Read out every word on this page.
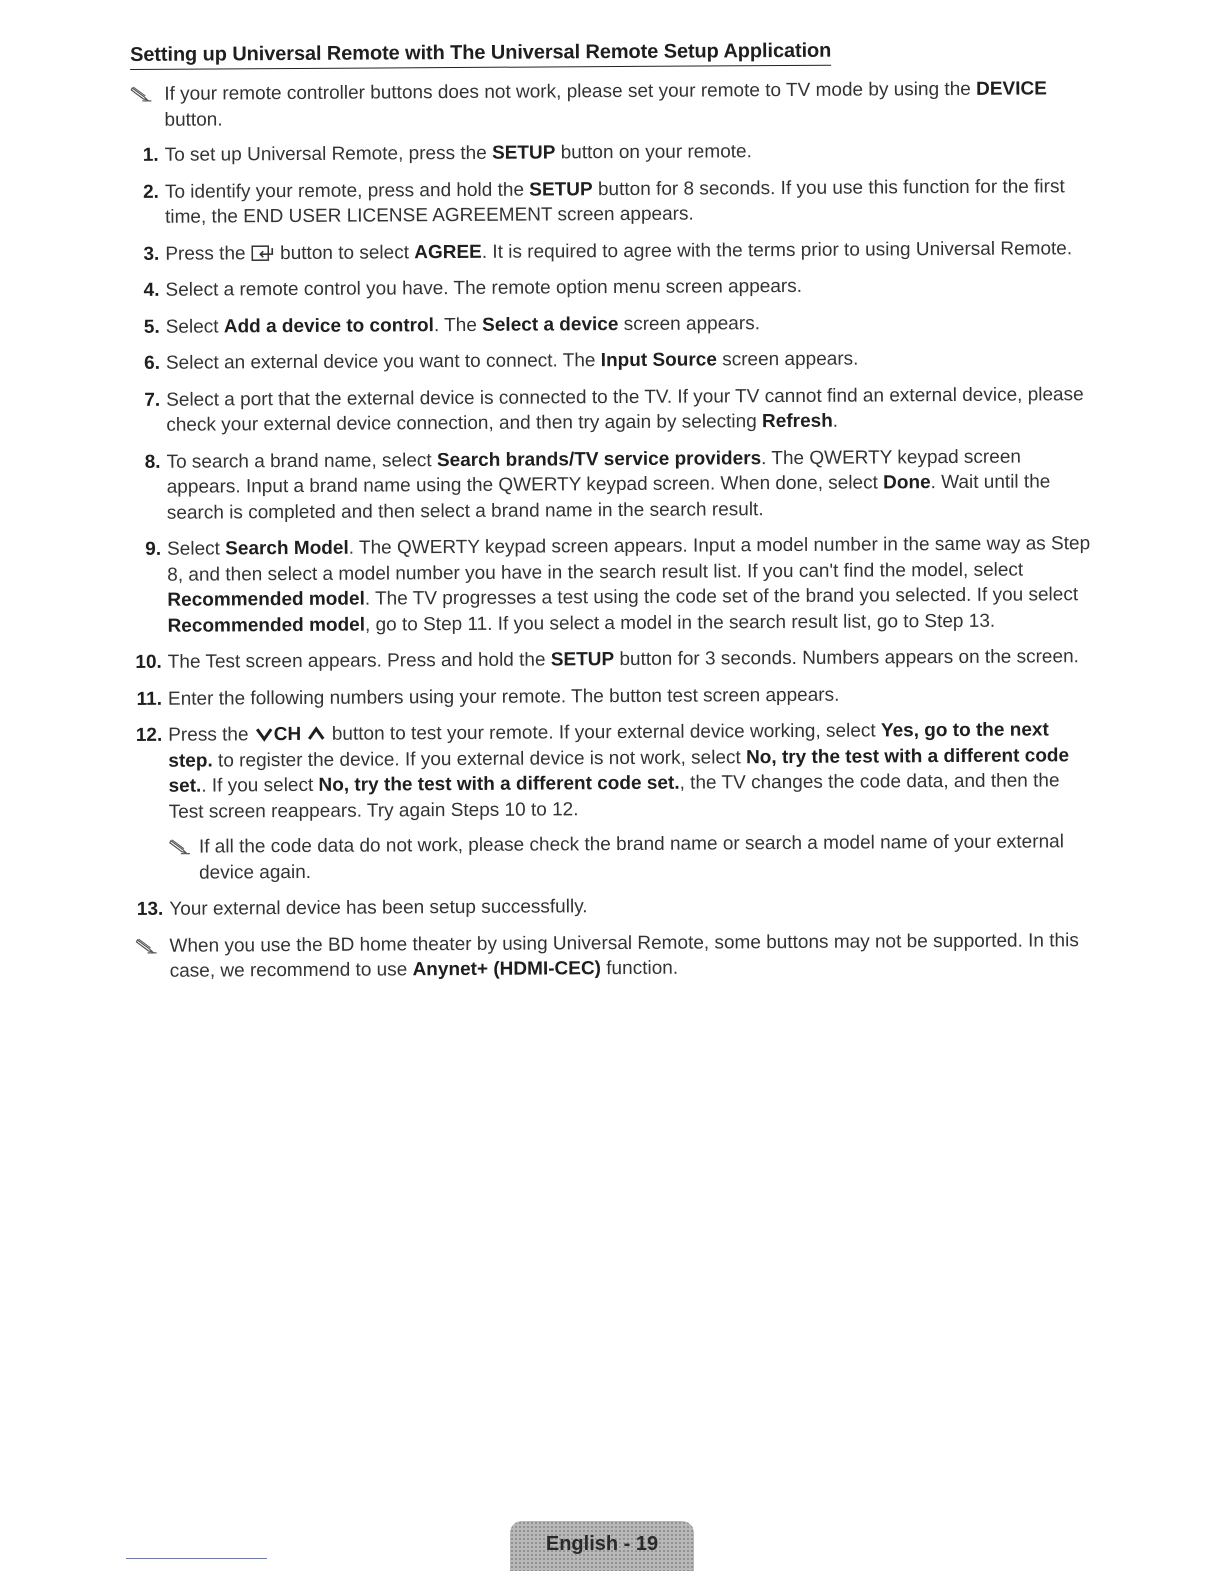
Setting up Universal Remote with The Universal Remote Setup Application
If your remote controller buttons does not work, please set your remote to TV mode by using the DEVICE button.
1. To set up Universal Remote, press the SETUP button on your remote.
2. To identify your remote, press and hold the SETUP button for 8 seconds. If you use this function for the first time, the END USER LICENSE AGREEMENT screen appears.
3. Press the  button to select AGREE. It is required to agree with the terms prior to using Universal Remote.
4. Select a remote control you have. The remote option menu screen appears.
5. Select Add a device to control. The Select a device screen appears.
6. Select an external device you want to connect. The Input Source screen appears.
7. Select a port that the external device is connected to the TV. If your TV cannot find an external device, please check your external device connection, and then try again by selecting Refresh.
8. To search a brand name, select Search brands/TV service providers. The QWERTY keypad screen appears. Input a brand name using the QWERTY keypad screen. When done, select Done. Wait until the search is completed and then select a brand name in the search result.
9. Select Search Model. The QWERTY keypad screen appears. Input a model number in the same way as Step 8, and then select a model number you have in the search result list. If you can't find the model, select Recommended model. The TV progresses a test using the code set of the brand you selected. If you select Recommended model, go to Step 11. If you select a model in the search result list, go to Step 13.
10. The Test screen appears. Press and hold the SETUP button for 3 seconds. Numbers appears on the screen.
11. Enter the following numbers using your remote. The button test screen appears.
12. Press the CH  button to test your remote. If your external device working, select Yes, go to the next step. to register the device. If you external device is not work, select No, try the test with a different code set.. If you select No, try the test with a different code set., the TV changes the code data, and then the Test screen reappears. Try again Steps 10 to 12.
If all the code data do not work, please check the brand name or search a model name of your external device again.
13. Your external device has been setup successfully.
When you use the BD home theater by using Universal Remote, some buttons may not be supported. In this case, we recommend to use Anynet+ (HDMI-CEC) function.
English - 19
